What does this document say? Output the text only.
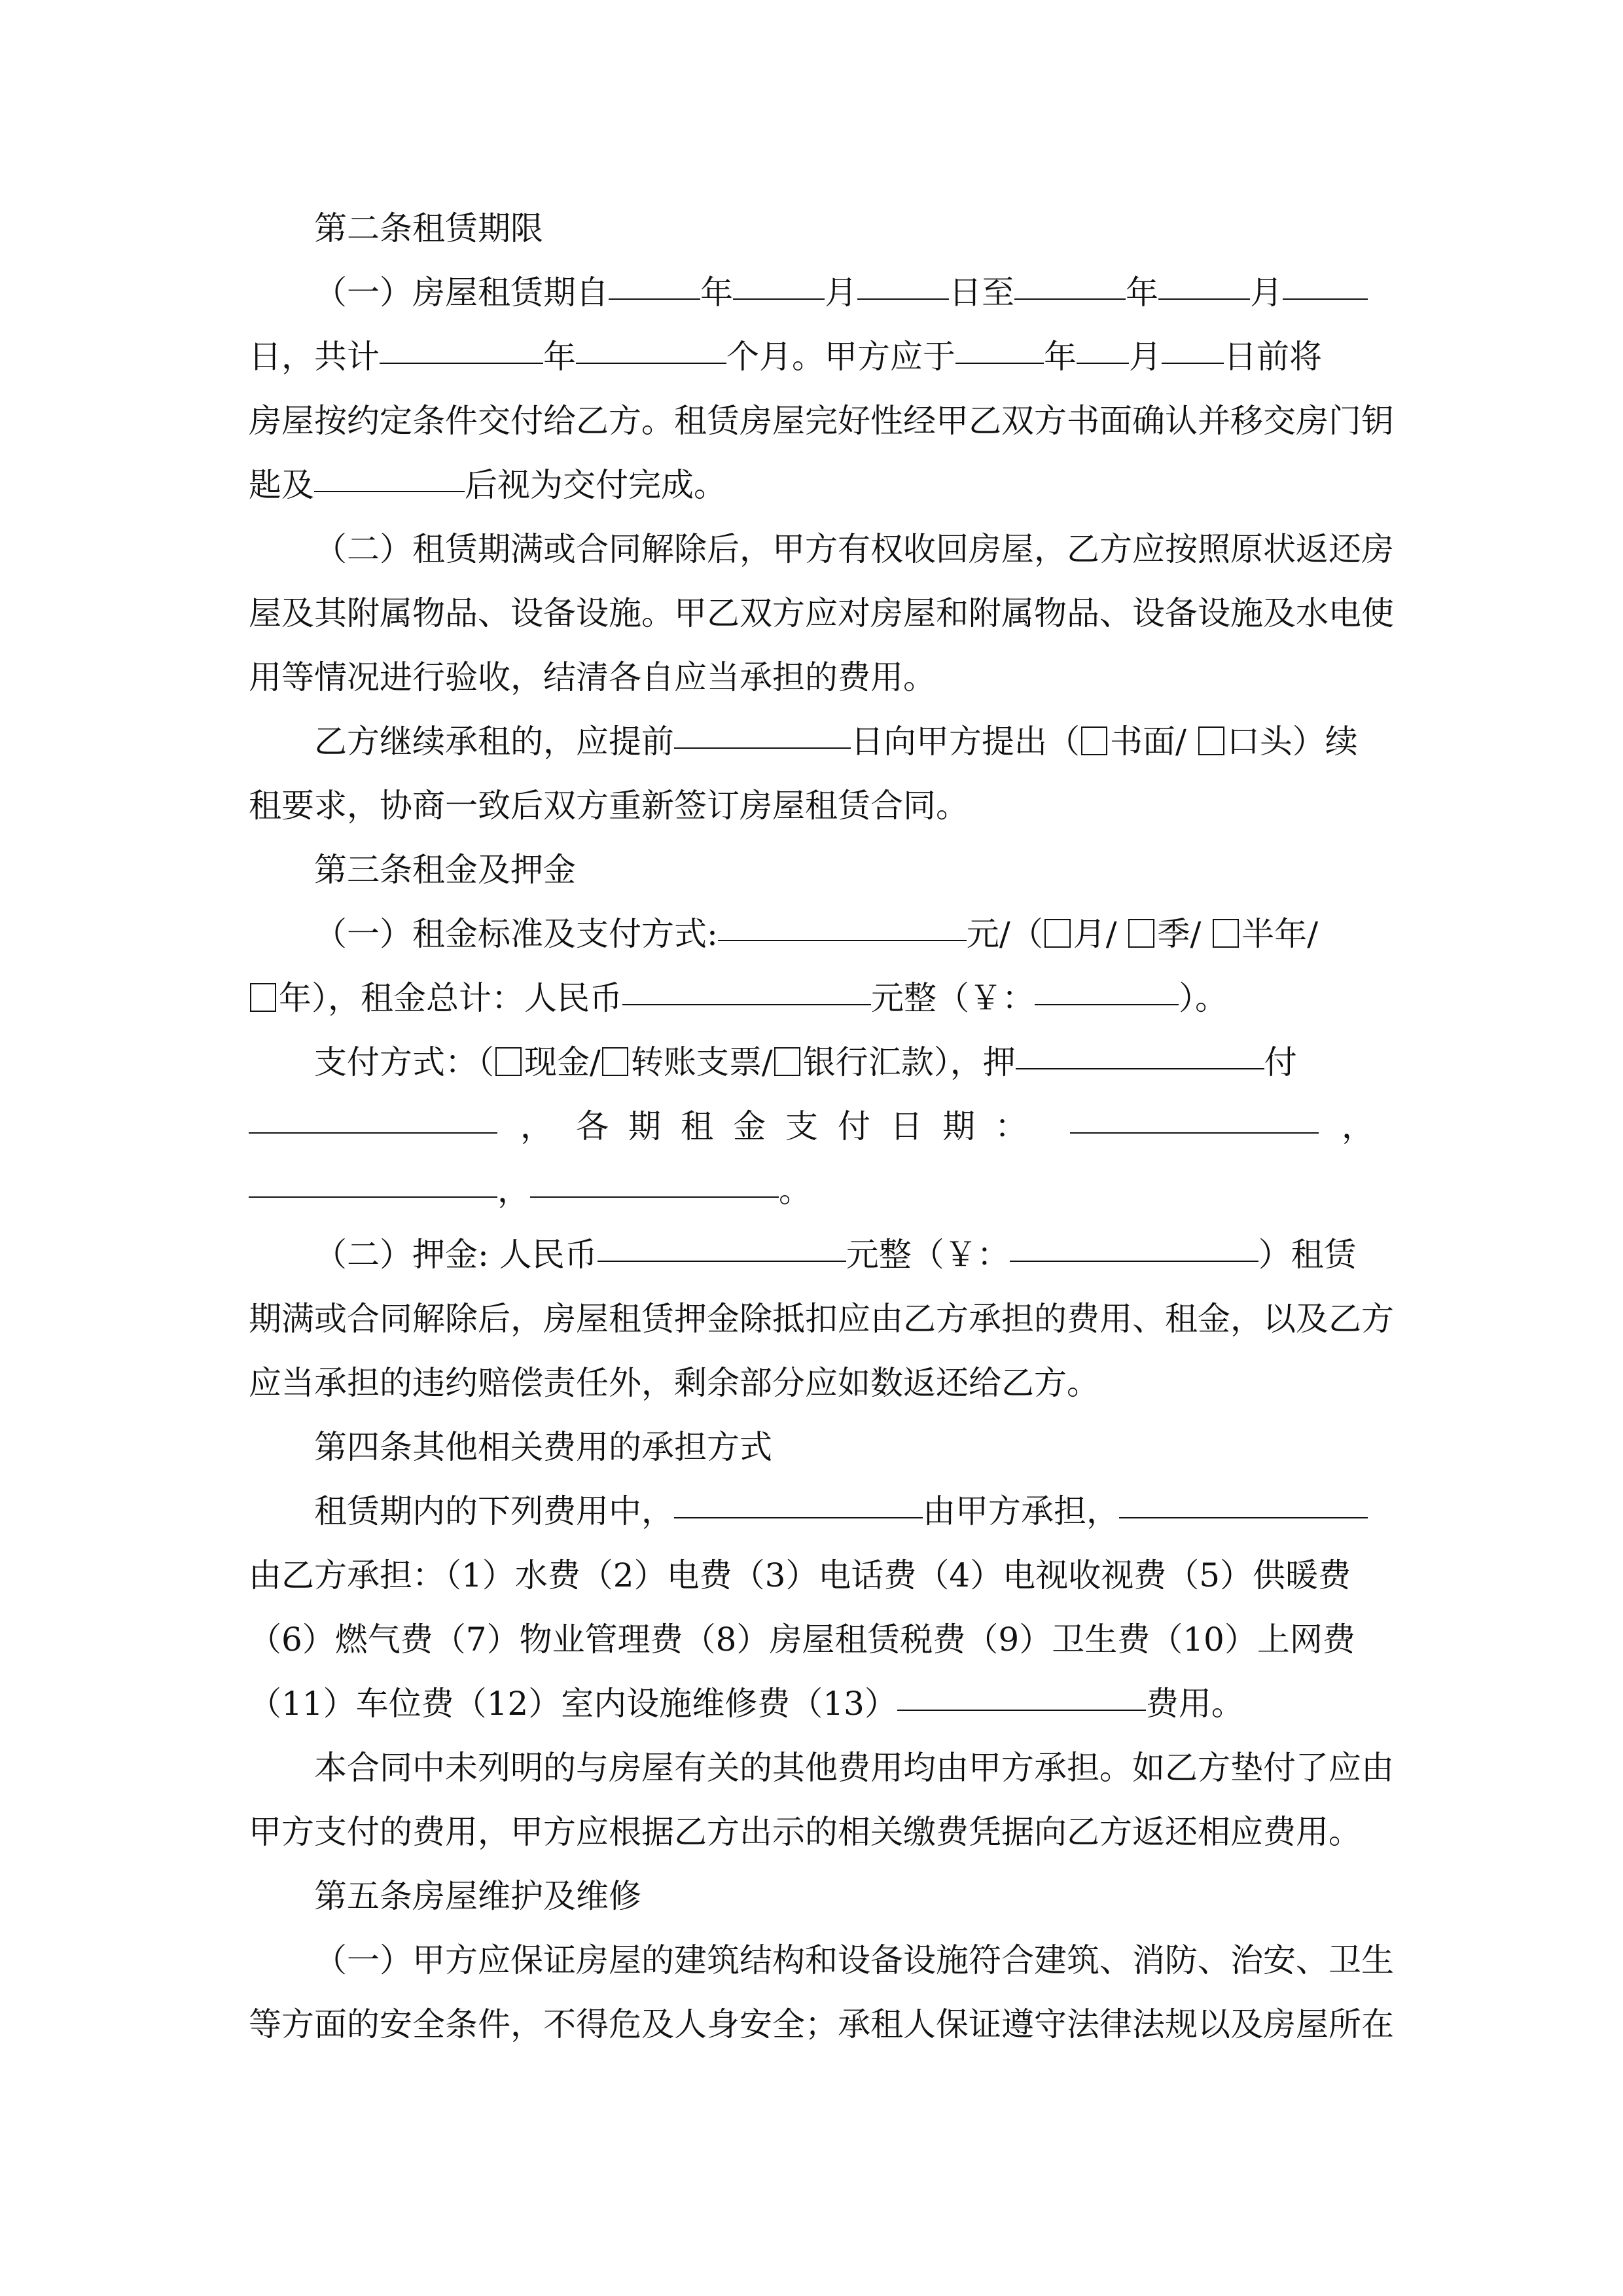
第二条租赁期限
（一）房屋租赁期自	年	月	日至	年	月
日，共计	年	个月。甲方应于	年 月 日前将
房屋按约定条件交付给乙方。租赁房屋完好性经甲乙双方书面确认并移交房门钥
匙及	后视为交付完成。
（二）租赁期满或合同解除后，甲方有权收回房屋，乙方应按照原状返还房
屋及其附属物品、设备设施。甲乙双方应对房屋和附属物品、设备设施及水电使
用等情况进行验收，结清各自应当承担的费用。
乙方继续承租的，应提前	日向甲方提出（ 书面/ 口头）续
租要求，协商一致后双方重新签订房屋租赁合同。
第三条租金及押金
（一）租金标准及支付方式:	元/（ 月/ 季/ 半年/
年），租金总计：人民币	元整（￥：	）。
支付方式：（ 现金/ 转账支票/ 银行汇款），押	付
， 各期租金支付日期：	，
，	。
（二）押金: 人民币	元整（￥：	）租赁
期满或合同解除后，房屋租赁押金除抵扣应由乙方承担的费用、租金，以及乙方
应当承担的违约赔偿责任外，剩余部分应如数返还给乙方。
第四条其他相关费用的承担方式
租赁期内的下列费用中，	由甲方承担，
由乙方承担：（1）水费（2）电费（3）电话费（4）电视收视费（5）供暖费
（6）燃气费（7）物业管理费（8）房屋租赁税费（9）卫生费（10）上网费
（11）车位费（12）室内设施维修费（13）	费用。
本合同中未列明的与房屋有关的其他费用均由甲方承担。如乙方垫付了应由
甲方支付的费用，甲方应根据乙方出示的相关缴费凭据向乙方返还相应费用。
第五条房屋维护及维修
（一）甲方应保证房屋的建筑结构和设备设施符合建筑、消防、治安、卫生
等方面的安全条件，不得危及人身安全；承租人保证遵守法律法规以及房屋所在
